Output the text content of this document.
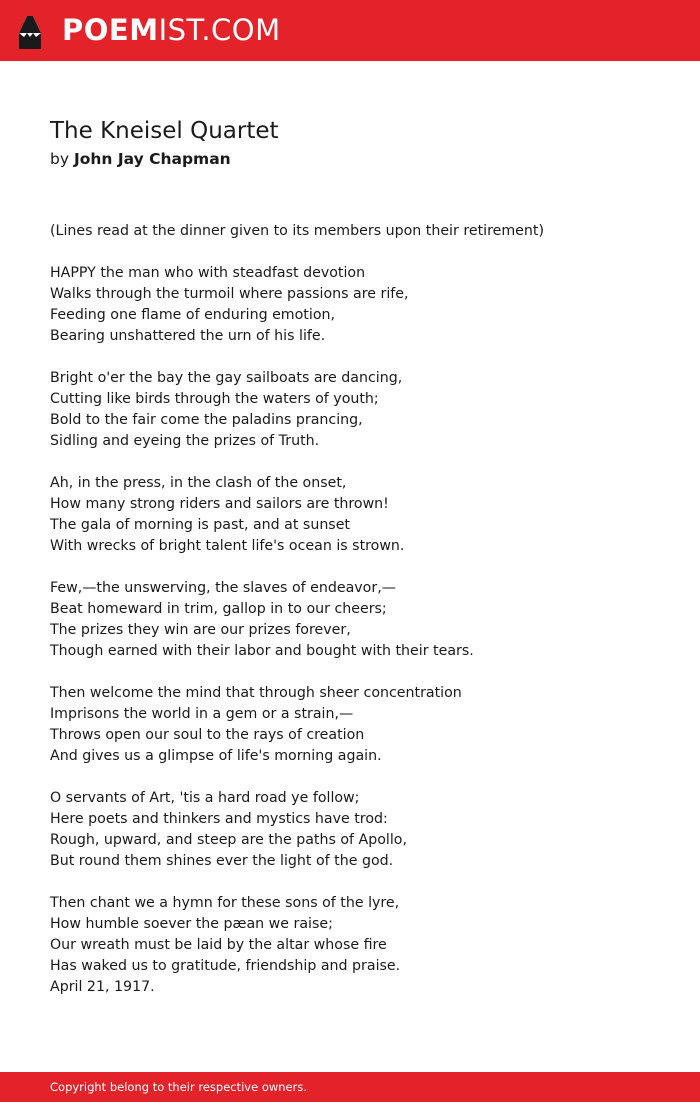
POEMIST.COM
The Kneisel Quartet
by John Jay Chapman
(Lines read at the dinner given to its members upon their retirement)
HAPPY the man who with steadfast devotion
Walks through the turmoil where passions are rife,
Feeding one flame of enduring emotion,
Bearing unshattered the urn of his life.
Bright o'er the bay the gay sailboats are dancing,
Cutting like birds through the waters of youth;
Bold to the fair come the paladins prancing,
Sidling and eyeing the prizes of Truth.
Ah, in the press, in the clash of the onset,
How many strong riders and sailors are thrown!
The gala of morning is past, and at sunset
With wrecks of bright talent life's ocean is strown.
Few,—the unswerving, the slaves of endeavor,—
Beat homeward in trim, gallop in to our cheers;
The prizes they win are our prizes forever,
Though earned with their labor and bought with their tears.
Then welcome the mind that through sheer concentration
Imprisons the world in a gem or a strain,—
Throws open our soul to the rays of creation
And gives us a glimpse of life's morning again.
O servants of Art, 'tis a hard road ye follow;
Here poets and thinkers and mystics have trod:
Rough, upward, and steep are the paths of Apollo,
But round them shines ever the light of the god.
Then chant we a hymn for these sons of the lyre,
How humble soever the pæan we raise;
Our wreath must be laid by the altar whose fire
Has waked us to gratitude, friendship and praise.
April 21, 1917.
Copyright belong to their respective owners.
